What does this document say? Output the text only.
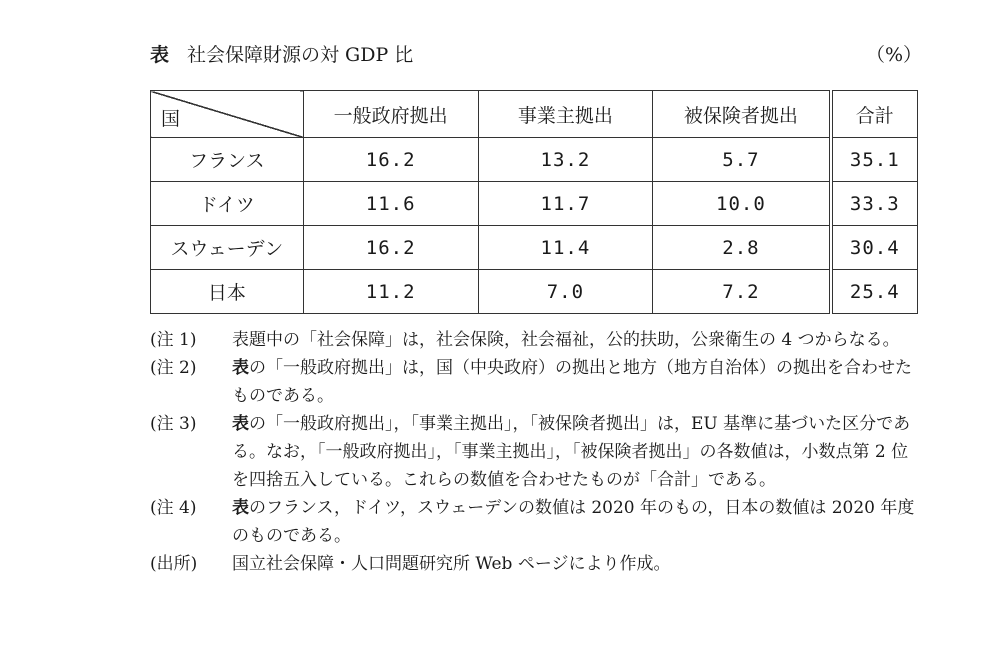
表 社会保障財源の対 GDP 比	（%）
国	一般政府拠出	事業主拠出	被保険者拠出	合計
フランス	16.2	13.2	5.7	35.1
ドイツ	11.6	11.7	10.0	33.3
スウェーデン	16.2	11.4	2.8	30.4
日本	11.2	7.0	7.2	25.4
(注 1)	表題中の「社会保障」は，社会保険，社会福祉，公的扶助，公衆衛生の 4 つからなる。
(注 2)	表の「一般政府拠出」は，国（中央政府）の拠出と地方（地方自治体）の拠出を合わせたものである。
(注 3)	表の「一般政府拠出」，「事業主拠出」，「被保険者拠出」は，EU 基準に基づいた区分である。なお，「一般政府拠出」，「事業主拠出」，「被保険者拠出」の各数値は，小数点第 2 位を四捨五入している。これらの数値を合わせたものが「合計」である。
(注 4)	表のフランス，ドイツ，スウェーデンの数値は 2020 年のもの，日本の数値は 2020 年度のものである。
(出所)	国立社会保障・人口問題研究所 Web ページにより作成。
